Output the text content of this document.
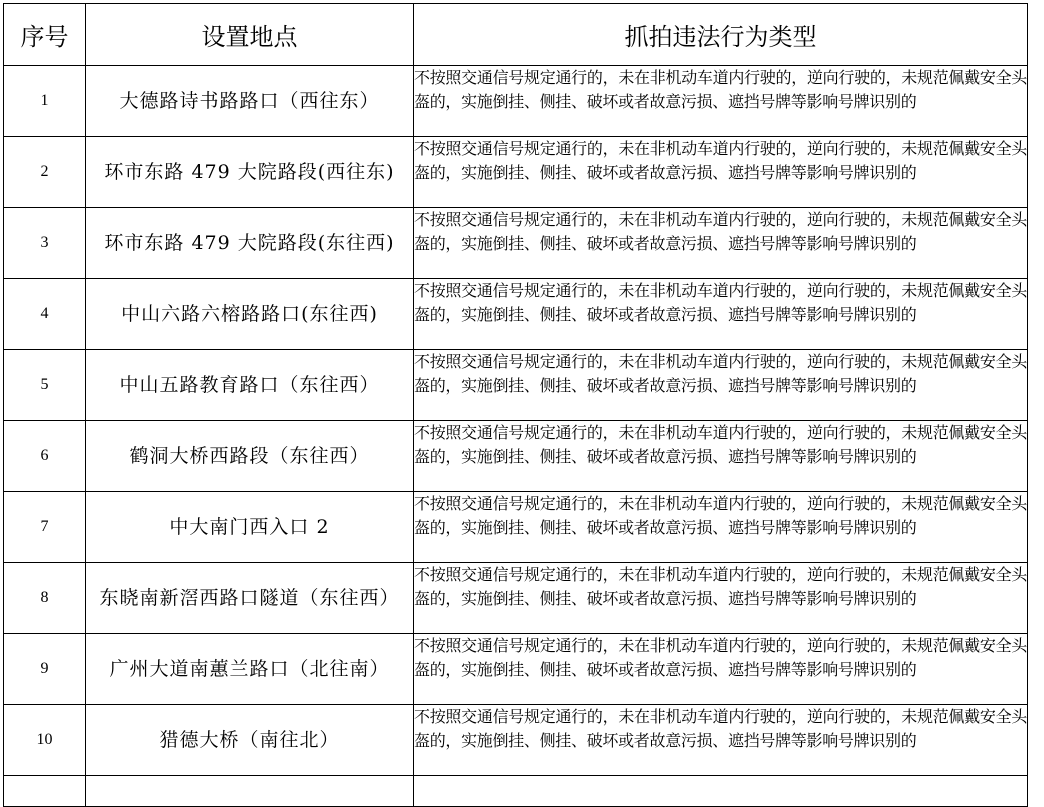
序号	设置地点	抓拍违法行为类型
1	大德路诗书路路口（西往东）	不按照交通信号规定通行的，未在非机动车道内行驶的，逆向行驶的，未规范佩戴安全头盔的，实施倒挂、侧挂、破坏或者故意污损、遮挡号牌等影响号牌识别的
2	环市东路 479 大院路段(西往东)	不按照交通信号规定通行的，未在非机动车道内行驶的，逆向行驶的，未规范佩戴安全头盔的，实施倒挂、侧挂、破坏或者故意污损、遮挡号牌等影响号牌识别的
3	环市东路 479 大院路段(东往西)	不按照交通信号规定通行的，未在非机动车道内行驶的，逆向行驶的，未规范佩戴安全头盔的，实施倒挂、侧挂、破坏或者故意污损、遮挡号牌等影响号牌识别的
4	中山六路六榕路路口(东往西)	不按照交通信号规定通行的，未在非机动车道内行驶的，逆向行驶的，未规范佩戴安全头盔的，实施倒挂、侧挂、破坏或者故意污损、遮挡号牌等影响号牌识别的
5	中山五路教育路口（东往西）	不按照交通信号规定通行的，未在非机动车道内行驶的，逆向行驶的，未规范佩戴安全头盔的，实施倒挂、侧挂、破坏或者故意污损、遮挡号牌等影响号牌识别的
6	鹤洞大桥西路段（东往西）	不按照交通信号规定通行的，未在非机动车道内行驶的，逆向行驶的，未规范佩戴安全头盔的，实施倒挂、侧挂、破坏或者故意污损、遮挡号牌等影响号牌识别的
7	中大南门西入口 2	不按照交通信号规定通行的，未在非机动车道内行驶的，逆向行驶的，未规范佩戴安全头盔的，实施倒挂、侧挂、破坏或者故意污损、遮挡号牌等影响号牌识别的
8	东晓南新滘西路口隧道（东往西）	不按照交通信号规定通行的，未在非机动车道内行驶的，逆向行驶的，未规范佩戴安全头盔的，实施倒挂、侧挂、破坏或者故意污损、遮挡号牌等影响号牌识别的
9	广州大道南蕙兰路口（北往南）	不按照交通信号规定通行的，未在非机动车道内行驶的，逆向行驶的，未规范佩戴安全头盔的，实施倒挂、侧挂、破坏或者故意污损、遮挡号牌等影响号牌识别的
10	猎德大桥（南往北）	不按照交通信号规定通行的，未在非机动车道内行驶的，逆向行驶的，未规范佩戴安全头盔的，实施倒挂、侧挂、破坏或者故意污损、遮挡号牌等影响号牌识别的
